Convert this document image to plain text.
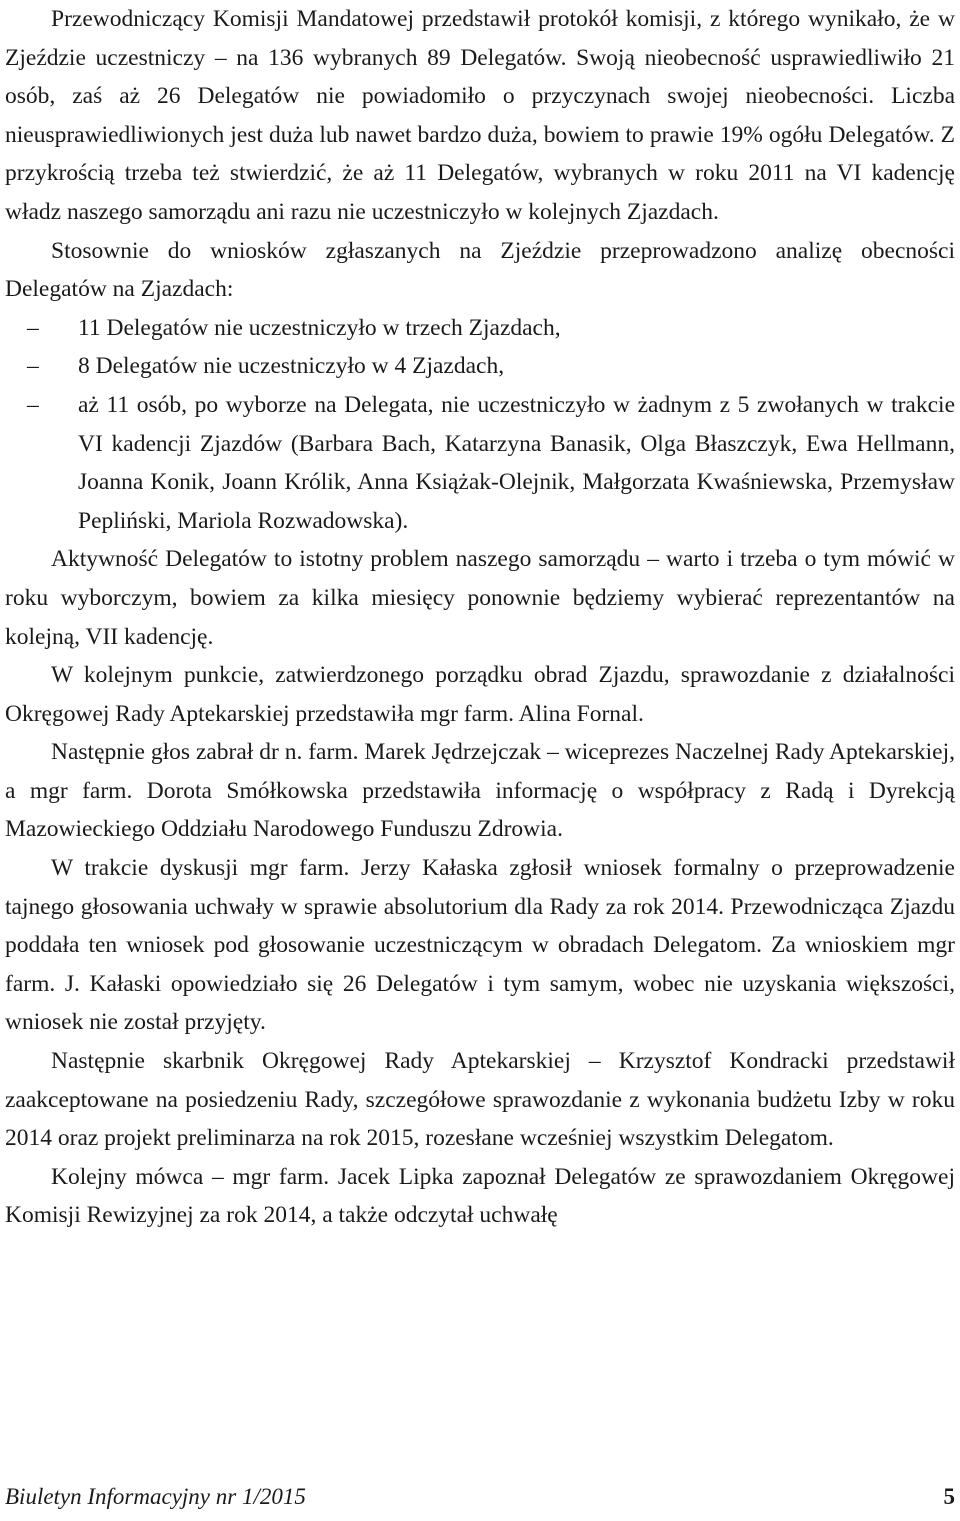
Przewodniczący Komisji Mandatowej przedstawił protokół komisji, z którego wynikało, że w Zjeździe uczestniczy – na 136 wybranych 89 Delegatów. Swoją nieobecność usprawiedliwiło 21 osób, zaś aż 26 Delegatów nie powiadomiło o przyczynach swojej nieobecności. Liczba nieusprawiedliwionych jest duża lub nawet bardzo duża, bowiem to prawie 19% ogółu Delegatów. Z przykrością trzeba też stwierdzić, że aż 11 Delegatów, wybranych w roku 2011 na VI kadencję władz naszego samorządu ani razu nie uczestniczyło w kolejnych Zjazdach.

Stosownie do wniosków zgłaszanych na Zjeździe przeprowadzono analizę obecności Delegatów na Zjazdach:

– 11 Delegatów nie uczestniczyło w trzech Zjazdach,
– 8 Delegatów nie uczestniczyło w 4 Zjazdach,
– aż 11 osób, po wyborze na Delegata, nie uczestniczyło w żadnym z 5 zwołanych w trakcie VI kadencji Zjazdów (Barbara Bach, Katarzyna Banasik, Olga Błaszczyk, Ewa Hellmann, Joanna Konik, Joann Królik, Anna Książak-Olejnik, Małgorzata Kwaśniewska, Przemysław Pepliński, Mariola Rozwadowska).

Aktywność Delegatów to istotny problem naszego samorządu – warto i trzeba o tym mówić w roku wyborczym, bowiem za kilka miesięcy ponownie będziemy wybierać reprezentantów na kolejną, VII kadencję.

W kolejnym punkcie, zatwierdzonego porządku obrad Zjazdu, sprawozdanie z działalności Okręgowej Rady Aptekarskiej przedstawiła mgr farm. Alina Fornal.

Następnie głos zabrał dr n. farm. Marek Jędrzejczak – wiceprezes Naczelnej Rady Aptekarskiej, a mgr farm. Dorota Smółkowska przedstawiła informację o współpracy z Radą i Dyrekcją Mazowieckiego Oddziału Narodowego Funduszu Zdrowia.

W trakcie dyskusji mgr farm. Jerzy Kałaska zgłosił wniosek formalny o przeprowadzenie tajnego głosowania uchwały w sprawie absolutorium dla Rady za rok 2014. Przewodnicząca Zjazdu poddała ten wniosek pod głosowanie uczestniczącym w obradach Delegatom. Za wnioskiem mgr farm. J. Kałaski opowiedziało się 26 Delegatów i tym samym, wobec nie uzyskania większości, wniosek nie został przyjęty.

Następnie skarbnik Okręgowej Rady Aptekarskiej – Krzysztof Kondracki przedstawił zaakceptowane na posiedzeniu Rady, szczegółowe sprawozdanie z wykonania budżetu Izby w roku 2014 oraz projekt preliminarza na rok 2015, rozesłane wcześniej wszystkim Delegatom.

Kolejny mówca – mgr farm. Jacek Lipka zapoznał Delegatów ze sprawozdaniem Okręgowej Komisji Rewizyjnej za rok 2014, a także odczytał uchwałę

Biuletyn Informacyjny nr 1/2015	5
